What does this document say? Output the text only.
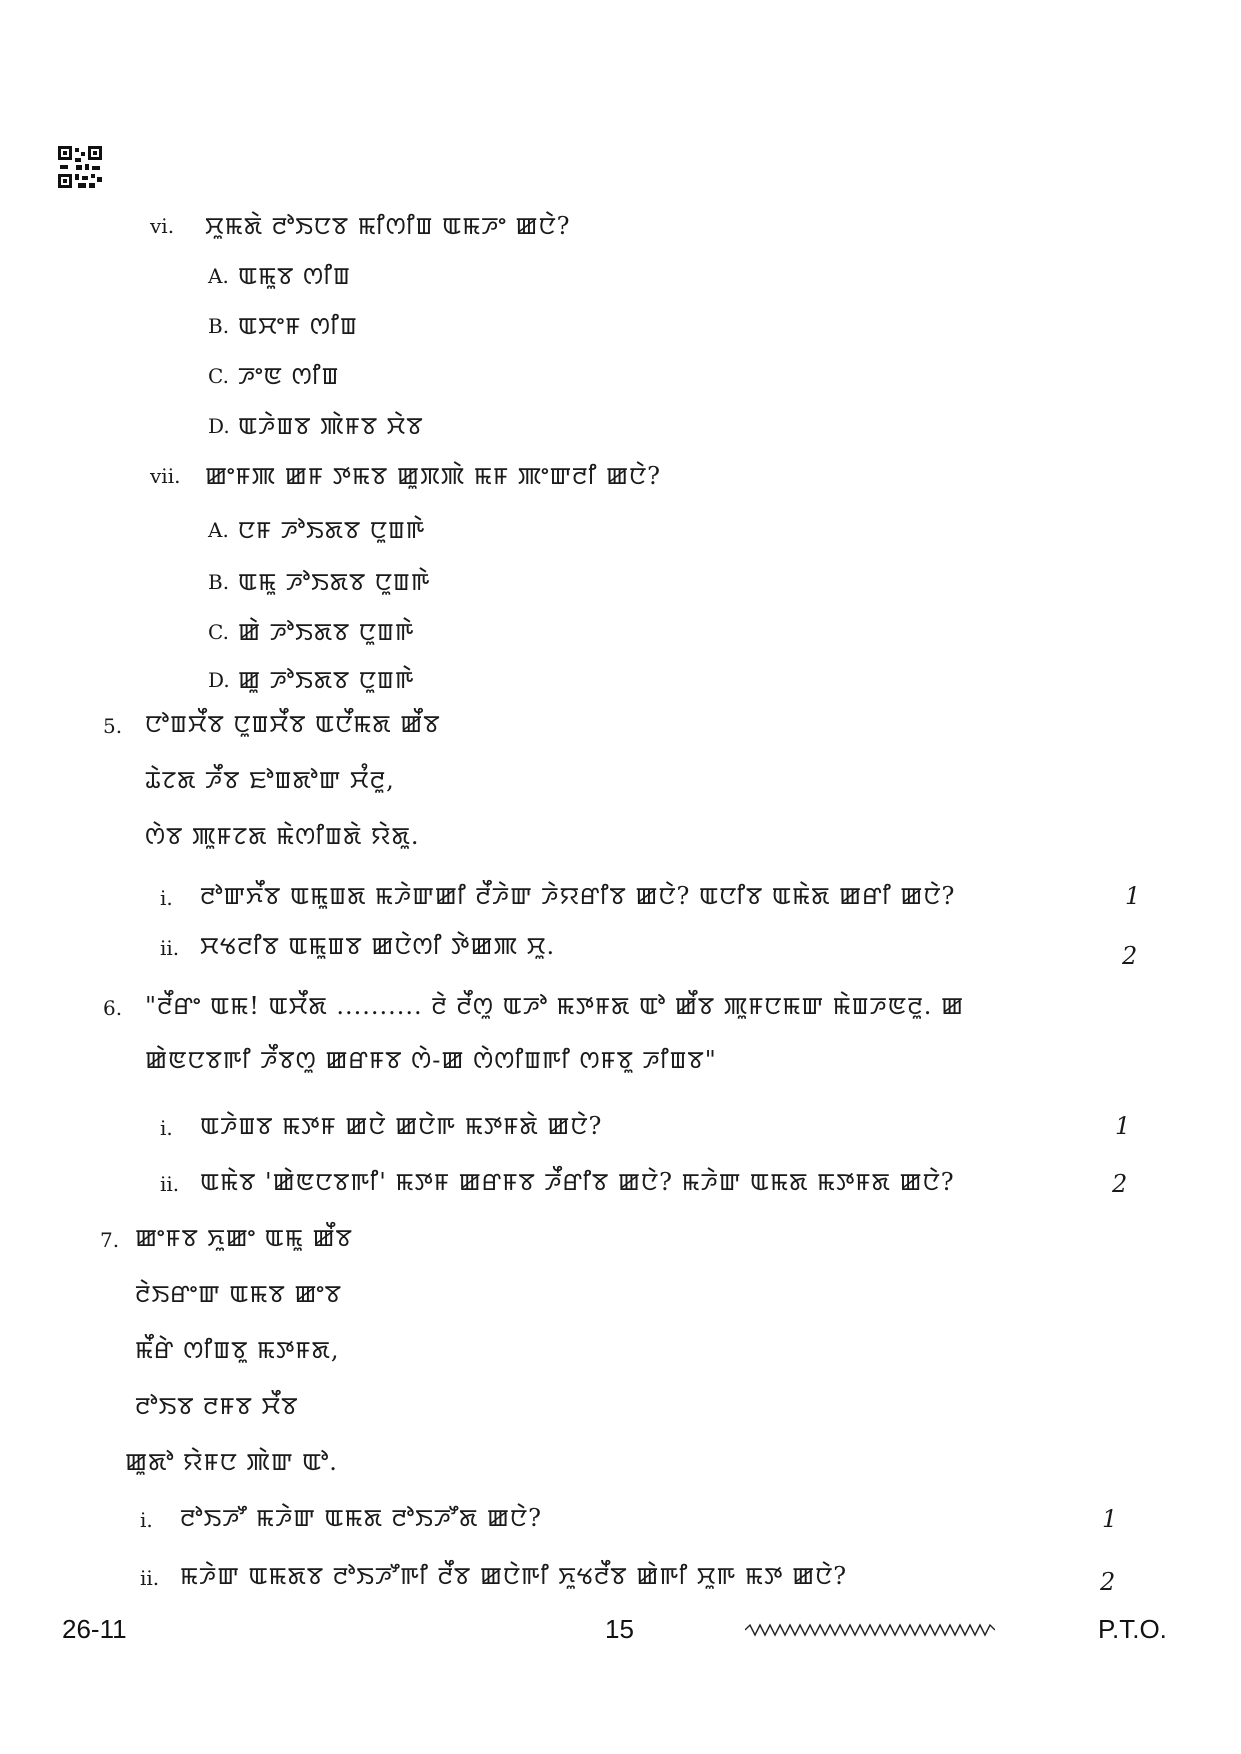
vi. ꯆꯨꯃꯗꯥ ꯂꯣꯏꯅꯕ ꯃꯤꯁꯤꯡ ꯑꯃꯍꯦ ꯀꯅꯥ?
A. ꯑꯃꯨꯕ ꯁꯤꯡ
B. ꯑꯆꯦꯝ ꯁꯤꯡ
C. ꯍꯦꯟ ꯁꯤꯡ
D. ꯑꯍꯥꯡꯕ ꯄꯥꯝꯕ ꯆꯥꯕ
vii. ꯀꯦꯝꯄ ꯀꯝ ꯇꯃꯕ ꯀꯨꯞꯄꯥ ꯃꯝ ꯄꯦꯛꯂꯤ ꯀꯅꯥ?
A. ꯅꯝ ꯍꯣꯏꯗꯕ ꯅꯨꯡꯒꯥ
B. ꯑꯃꯨ ꯍꯣꯏꯗꯕ ꯅꯨꯡꯒꯥ
C. ꯀꯥ ꯍꯣꯏꯗꯕ ꯅꯨꯡꯒꯥ
D. ꯀꯨ ꯍꯣꯏꯗꯕ ꯅꯨꯡꯒꯥ
5. ꯅꯣꯡꯆꯩꯕ ꯅꯨꯡꯆꯩꯕ ꯑꯅꯩꯃꯗ ꯀꯩꯕ
ꯊꯥꯖꯗ ꯍꯩꯕ ꯐꯣꯡꯗꯣꯛ ꯆꯪꯂꯨ,
ꯁꯥꯕ ꯄꯨꯝꯖꯗ ꯃꯥꯁꯤꯡꯗꯥ ꯌꯥꯗꯨ.
i. ꯂꯣꯛꯈꯩꯕ ꯑꯃꯨꯡꯗ ꯃꯍꯥꯛꯀꯤ ꯂꯩꯍꯥꯛ ꯍꯥꯌꯔꯤꯕ ꯀꯅꯥ? ꯑꯅꯤꯕ ꯑꯃꯥꯗ ꯀꯔꯤ ꯀꯅꯥ?	1
ii. ꯆꯠꯂꯤꯕ ꯑꯃꯨꯡꯕ ꯀꯅꯥꯁꯤ ꯇꯥꯀꯄ ꯆꯨ.	2
6. "ꯂꯩꯔꯦ ꯑꯃ! ꯑꯆꯩꯗ .......... ꯂꯥ ꯂꯩꯁꯨ ꯑꯍꯣ ꯃꯇꯝꯗ ꯑꯣ ꯀꯩꯕ ꯄꯨꯝꯅꯃꯛ ꯃꯥꯡꯍꯟꯂꯨ. ꯀ
ꯀꯥꯟꯅꯕꯒꯤ ꯍꯩꯕꯁꯨ ꯀꯔꯝꯕ ꯁꯥ-ꯀ ꯁꯥꯁꯤꯡꯒꯤ ꯁꯝꯕꯨ ꯍꯤꯡꯕ"
i. ꯑꯍꯥꯡꯕ ꯃꯇꯝ ꯀꯅꯥ ꯀꯅꯥꯒ ꯃꯇꯝꯗꯥ ꯀꯅꯥ?	1
ii. ꯑꯃꯥꯕ 'ꯀꯥꯟꯅꯕꯒꯤ' ꯃꯇꯝ ꯀꯔꯝꯕ ꯍꯩꯔꯤꯕ ꯀꯅꯥ? ꯃꯍꯥꯛ ꯑꯃꯗ ꯃꯇꯝꯗ ꯀꯅꯥ?	2
7. ꯀꯦꯝꯕ ꯈꯨꯀꯦ ꯑꯃꯨ ꯀꯩꯕ
ꯂꯥꯏꯔꯦꯛ ꯑꯃꯕ ꯀꯦꯕ
ꯃꯩꯔꯥ ꯁꯤꯡꯕꯨ ꯃꯇꯝꯗ,
ꯂꯣꯏꯕ ꯂꯝꯕ ꯆꯩꯕ
ꯀꯨꯗꯣ ꯌꯥꯝꯅ ꯄꯥꯛ ꯑꯣ.
i. ꯂꯣꯏꯍꯧ ꯃꯍꯥꯛ ꯑꯃꯗ ꯂꯣꯏꯍꯧꯗ ꯀꯅꯥ?	1
ii. ꯃꯍꯥꯛ ꯑꯃꯗꯕ ꯂꯣꯏꯍꯧꯒꯤ ꯂꯩꯕ ꯀꯅꯥꯒꯤ ꯈꯨꯠꯂꯩꯕ ꯀꯥꯒꯤ ꯆꯨꯒ ꯃꯇ ꯀꯅꯥ?	2
26-11	15	P.T.O.
